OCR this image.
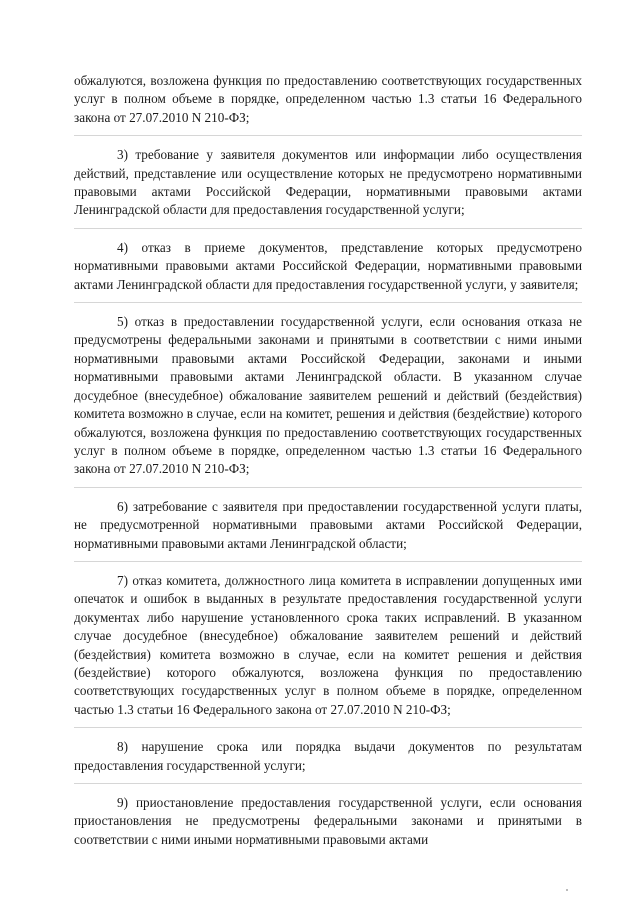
обжалуются, возложена функция по предоставлению соответствующих государственных услуг в полном объеме в порядке, определенном частью 1.3 статьи 16 Федерального закона от 27.07.2010 N 210-ФЗ;

3) требование у заявителя документов или информации либо осуществления действий, представление или осуществление которых не предусмотрено нормативными правовыми актами Российской Федерации, нормативными правовыми актами Ленинградской области для предоставления государственной услуги;

4) отказ в приеме документов, представление которых предусмотрено нормативными правовыми актами Российской Федерации, нормативными правовыми актами Ленинградской области для предоставления государственной услуги, у заявителя;

5) отказ в предоставлении государственной услуги, если основания отказа не предусмотрены федеральными законами и принятыми в соответствии с ними иными нормативными правовыми актами Российской Федерации, законами и иными нормативными правовыми актами Ленинградской области. В указанном случае досудебное (внесудебное) обжалование заявителем решений и действий (бездействия) комитета возможно в случае, если на комитет, решения и действия (бездействие) которого обжалуются, возложена функция по предоставлению соответствующих государственных услуг в полном объеме в порядке, определенном частью 1.3 статьи 16 Федерального закона от 27.07.2010 N 210-ФЗ;

6) затребование с заявителя при предоставлении государственной услуги платы, не предусмотренной нормативными правовыми актами Российской Федерации, нормативными правовыми актами Ленинградской области;

7) отказ комитета, должностного лица комитета в исправлении допущенных ими опечаток и ошибок в выданных в результате предоставления государственной услуги документах либо нарушение установленного срока таких исправлений. В указанном случае досудебное (внесудебное) обжалование заявителем решений и действий (бездействия) комитета возможно в случае, если на комитет решения и действия (бездействие) которого обжалуются, возложена функция по предоставлению соответствующих государственных услуг в полном объеме в порядке, определенном частью 1.3 статьи 16 Федерального закона от 27.07.2010 N 210-ФЗ;

8) нарушение срока или порядка выдачи документов по результатам предоставления государственной услуги;

9) приостановление предоставления государственной услуги, если основания приостановления не предусмотрены федеральными законами и принятыми в соответствии с ними иными нормативными правовыми актами
